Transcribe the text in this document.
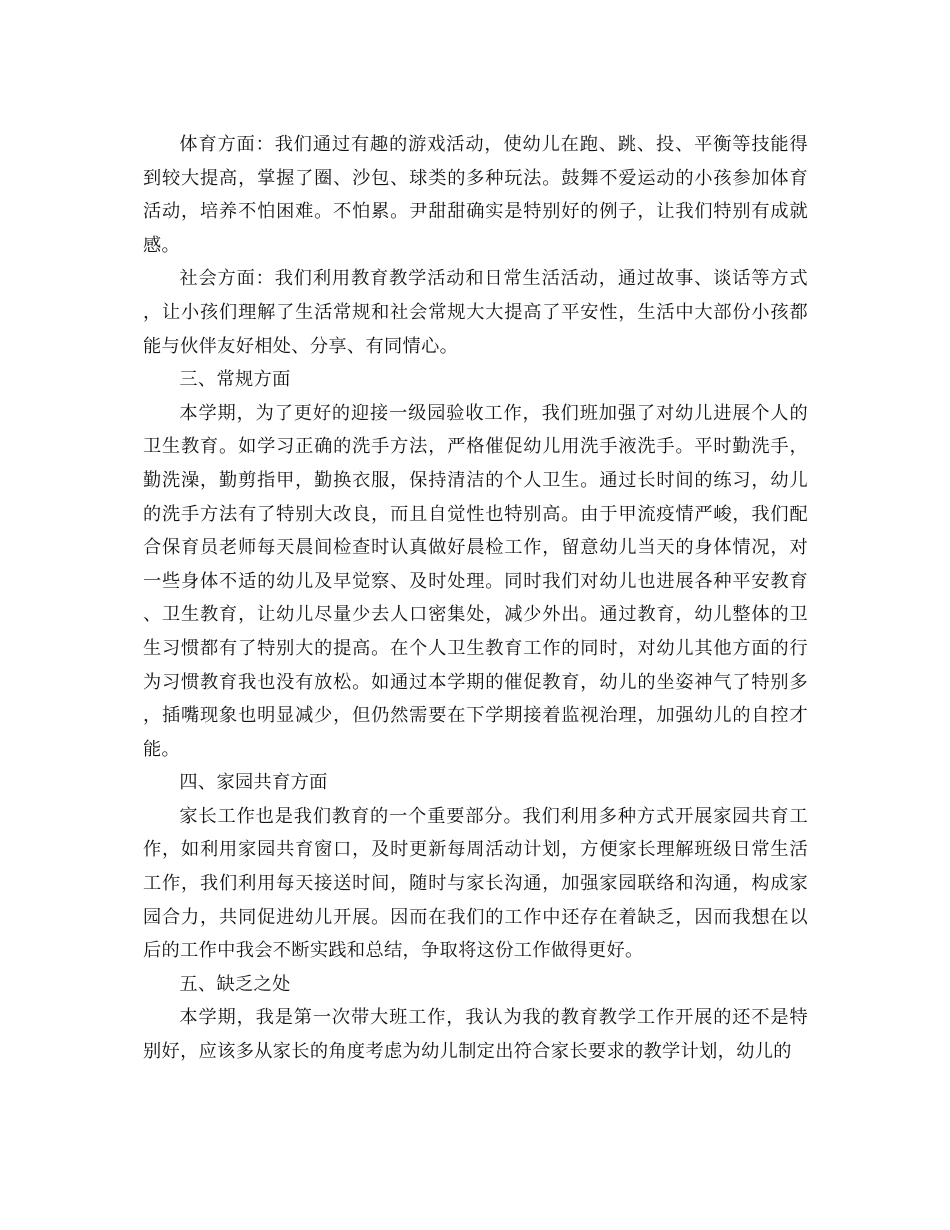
体育方面：我们通过有趣的游戏活动，使幼儿在跑、跳、投、平衡等技能得到较大提高，掌握了圈、沙包、球类的多种玩法。鼓舞不爱运动的小孩参加体育活动，培养不怕困难。不怕累。尹甜甜确实是特别好的例子，让我们特别有成就感。

社会方面：我们利用教育教学活动和日常生活活动，通过故事、谈话等方式，让小孩们理解了生活常规和社会常规大大提高了平安性，生活中大部份小孩都能与伙伴友好相处、分享、有同情心。

三、常规方面

本学期，为了更好的迎接一级园验收工作，我们班加强了对幼儿进展个人的卫生教育。如学习正确的洗手方法，严格催促幼儿用洗手液洗手。平时勤洗手，勤洗澡，勤剪指甲，勤换衣服，保持清洁的个人卫生。通过长时间的练习，幼儿的洗手方法有了特别大改良，而且自觉性也特别高。由于甲流疫情严峻，我们配合保育员老师每天晨间检查时认真做好晨检工作，留意幼儿当天的身体情况，对一些身体不适的幼儿及早觉察、及时处理。同时我们对幼儿也进展各种平安教育、卫生教育，让幼儿尽量少去人口密集处，减少外出。通过教育，幼儿整体的卫生习惯都有了特别大的提高。在个人卫生教育工作的同时，对幼儿其他方面的行为习惯教育我也没有放松。如通过本学期的催促教育，幼儿的坐姿神气了特别多，插嘴现象也明显减少，但仍然需要在下学期接着监视治理，加强幼儿的自控才能。

四、家园共育方面

家长工作也是我们教育的一个重要部分。我们利用多种方式开展家园共育工作，如利用家园共育窗口，及时更新每周活动计划，方便家长理解班级日常生活工作，我们利用每天接送时间，随时与家长沟通，加强家园联络和沟通，构成家园合力，共同促进幼儿开展。因而在我们的工作中还存在着缺乏，因而我想在以后的工作中我会不断实践和总结，争取将这份工作做得更好。

五、缺乏之处

本学期，我是第一次带大班工作，我认为我的教育教学工作开展的还不是特别好，应该多从家长的角度考虑为幼儿制定出符合家长要求的教学计划，幼儿的
